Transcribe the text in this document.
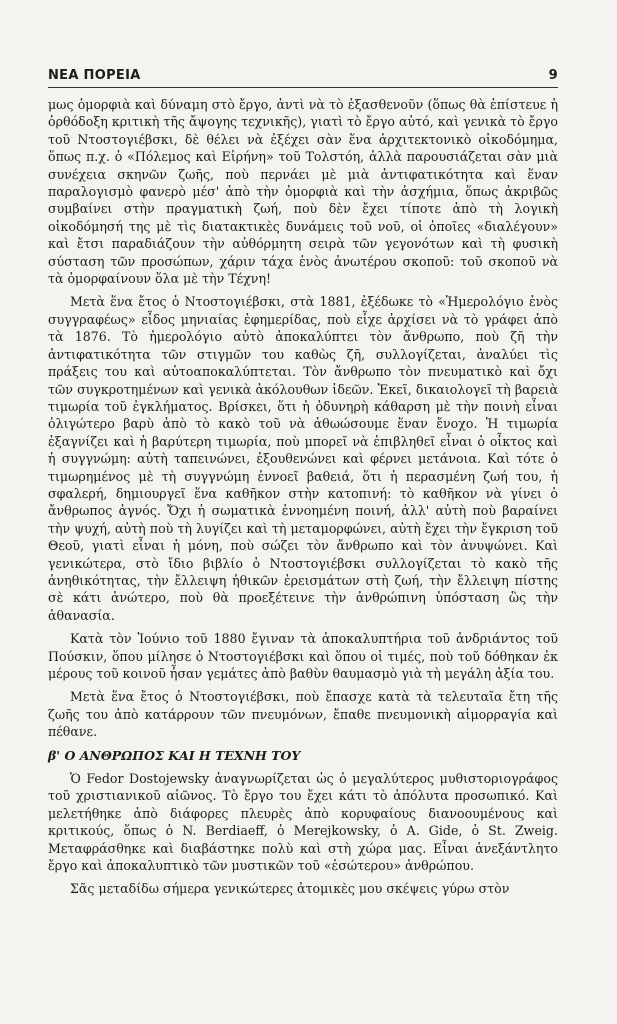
ΝΕΑ ΠΟΡΕΙΑ	9

μως ὁμορφιὰ καὶ δύναμη στὸ ἔργο, ἀντὶ νὰ τὸ ἐξασθενοῦν (ὅπως θὰ ἐπίστευε ἡ ὀρθόδοξη κριτικὴ τῆς ἄψογης τεχνικῆς), γιατὶ τὸ ἔργο αὐτό, καὶ γενικὰ τὸ ἔργο τοῦ Ντοστογιέβσκι, δὲ θέλει νὰ ἐξέχει σὰν ἕνα ἀρχιτεκτονικὸ οἰκοδόμημα, ὅπως π.χ. ὁ «Πόλεμος καὶ Εἰρήνη» τοῦ Τολστόη, ἀλλὰ παρουσιάζεται σὰν μιὰ συνέχεια σκηνῶν ζωῆς, ποὺ περνάει μὲ μιὰ ἀντιφατικότητα καὶ ἕναν παραλογισμὸ φανερὸ μέσ' ἀπὸ τὴν ὀμορφιὰ καὶ τὴν ἀσχήμια, ὅπως ἀκριβῶς συμβαίνει στὴν πραγματικὴ ζωή, ποὺ δὲν ἔχει τίποτε ἀπὸ τὴ λογικὴ οἰκοδόμησή της μὲ τὶς διατακτικὲς δυνάμεις τοῦ νοῦ, οἱ ὁποῖες «διαλέγουν» καὶ ἔτσι παραδιάζουν τὴν αὐθόρμητη σειρὰ τῶν γεγονότων καὶ τὴ φυσικὴ σύσταση τῶν προσώπων, χάριν τάχα ἑνὸς ἀνωτέρου σκοποῦ: τοῦ σκοποῦ νὰ τὰ ὁμορφαίνουν ὅλα μὲ τὴν Τέχνη!

Μετὰ ἕνα ἔτος ὁ Ντοστογιέβσκι, στὰ 1881, ἐξέδωκε τὸ «Ἡμερολόγιο ἑνὸς συγγραφέως» εἶδος μηνιαίας ἐφημερίδας, ποὺ εἶχε ἀρχίσει νὰ τὸ γράφει ἀπὸ τὰ 1876. Τὸ ἡμερολόγιο αὐτὸ ἀποκαλύπτει τὸν ἄνθρωπο, ποὺ ζῆ τὴν ἀντιφατικότητα τῶν στιγμῶν του καθὼς ζῆ, συλλογίζεται, ἀναλύει τὶς πράξεις του καὶ αὐτοαποκαλύπτεται. Τὸν ἄνθρωπο τὸν πνευματικὸ καὶ ὄχι τῶν συγκροτημένων καὶ γενικὰ ἀκόλουθων ἰδεῶν. Ἐκεῖ, δικαιολογεῖ τὴ βαρειὰ τιμωρία τοῦ ἐγκλήματος. Βρίσκει, ὅτι ἡ ὀδυνηρὴ κάθαρση μὲ τὴν ποινὴ εἶναι ὀλιγώτερο βαρὺ ἀπὸ τὸ κακὸ τοῦ νὰ ἀθωώσουμε ἕναν ἔνοχο. Ἡ τιμωρία ἐξαγνίζει καὶ ἡ βαρύτερη τιμωρία, ποὺ μπορεῖ νὰ ἐπιβληθεῖ εἶναι ὁ οἶκτος καὶ ἡ συγγνώμη: αὐτὴ ταπεινώνει, ἐξουθενώνει καὶ φέρνει μετάνοια. Καὶ τότε ὁ τιμωρημένος μὲ τὴ συγγνώμη ἐννοεῖ βαθειά, ὅτι ἡ περασμένη ζωή του, ἡ σφαλερή, δημιουργεῖ ἕνα καθῆκον στὴν κατοπινή: τὸ καθῆκον νὰ γίνει ὁ ἄνθρωπος ἁγνός. Ὄχι ἡ σωματικὰ ἐννοημένη ποινή, ἀλλ' αὐτὴ ποὺ βαραίνει τὴν ψυχή, αὐτὴ ποὺ τὴ λυγίζει καὶ τὴ μεταμορφώνει, αὐτὴ ἔχει τὴν ἔγκριση τοῦ Θεοῦ, γιατὶ εἶναι ἡ μόνη, ποὺ σώζει τὸν ἄνθρωπο καὶ τὸν ἀνυψώνει. Καὶ γενικώτερα, στὸ ἴδιο βιβλίο ὁ Ντοστογιέβσκι συλλογίζεται τὸ κακὸ τῆς ἀνηθικότητας, τὴν ἔλλειψη ἠθικῶν ἐρεισμάτων στὴ ζωή, τὴν ἔλλειψη πίστης σὲ κάτι ἀνώτερο, ποὺ θὰ προεξέτεινε τὴν ἀνθρώπινη ὑπόσταση ὣς τὴν ἀθανασία.

Κατὰ τὸν Ἰούνιο τοῦ 1880 ἔγιναν τὰ ἀποκαλυπτήρια τοῦ ἀνδριάντος τοῦ Πούσκιν, ὅπου μίλησε ὁ Ντοστογιέβσκι καὶ ὅπου οἱ τιμές, ποὺ τοῦ δόθηκαν ἐκ μέρους τοῦ κοινοῦ ἦσαν γεμάτες ἀπὸ βαθὺν θαυμασμὸ γιὰ τὴ μεγάλη ἀξία του.

Μετὰ ἕνα ἔτος ὁ Ντοστογιέβσκι, ποὺ ἔπασχε κατὰ τὰ τελευταῖα ἔτη τῆς ζωῆς του ἀπὸ κατάρρουν τῶν πνευμόνων, ἔπαθε πνευμονικὴ αἱμορραγία καὶ πέθανε.

β' Ο ΑΝΘΡΩΠΟΣ ΚΑΙ Η ΤΕΧΝΗ ΤΟΥ

Ὁ Fedor Dostojewsky ἀναγνωρίζεται ὡς ὁ μεγαλύτερος μυθιστοριογράφος τοῦ χριστιανικοῦ αἰῶνος. Τὸ ἔργο του ἔχει κάτι τὸ ἀπόλυτα προσωπικό. Καὶ μελετήθηκε ἀπὸ διάφορες πλευρὲς ἀπὸ κορυφαίους διανοουμένους καὶ κριτικούς, ὅπως ὁ N. Berdiaeff, ὁ Merejkowsky, ὁ A. Gide, ὁ St. Zweig. Μεταφράσθηκε καὶ διαβάστηκε πολὺ καὶ στὴ χώρα μας. Εἶναι ἀνεξάντλητο ἔργο καὶ ἀποκαλυπτικὸ τῶν μυστικῶν τοῦ «ἐσώτερου» ἀνθρώπου.

Σᾶς μεταδίδω σήμερα γενικώτερες ἀτομικὲς μου σκέψεις γύρω στὸν
